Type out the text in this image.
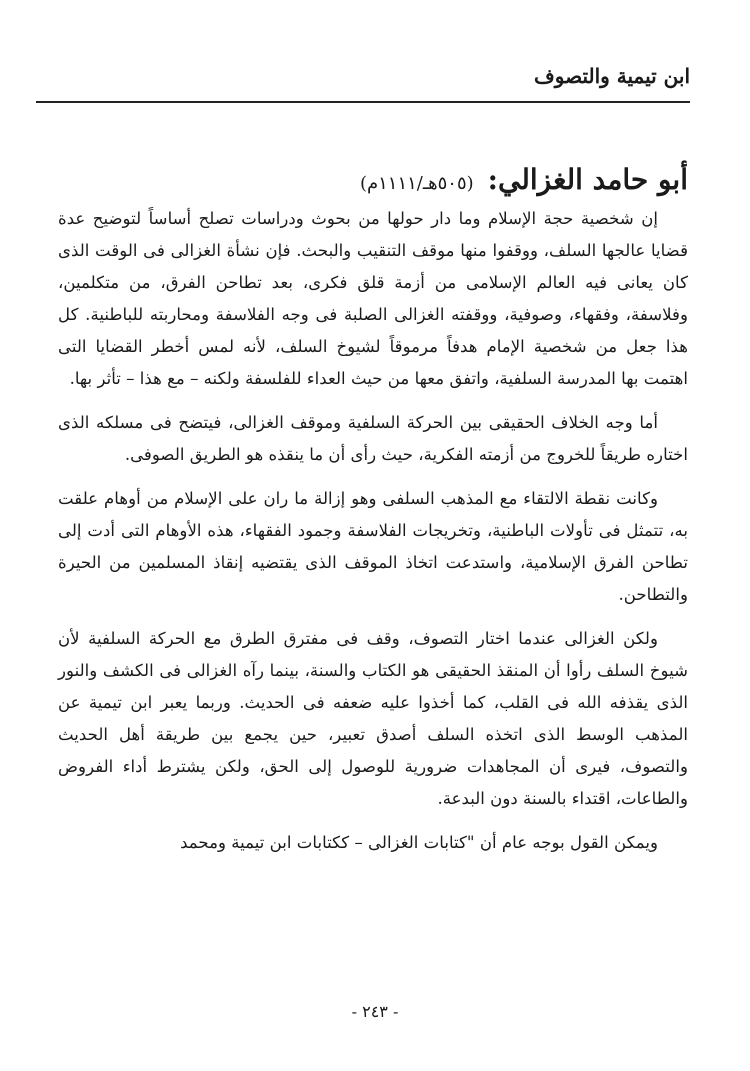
ابن تيمية والتصوف
أبو حامد الغزالي:
(٥٠٥هـ/١١١١م)

إن شخصية حجة الإسلام وما دار حولها من بحوث ودراسات تصلح أساساً لتوضيح عدة قضايا عالجها السلف، ووقفوا منها موقف التنقيب والبحث. فإن نشأة الغزالى فى الوقت الذى كان يعانى فيه العالم الإسلامى من أزمة قلق فكرى، بعد تطاحن الفرق، من متكلمين، وفلاسفة، وفقهاء، وصوفية، ووقفته الغزالى الصلبة فى وجه الفلاسفة ومحاربته للباطنية. كل هذا جعل من شخصية الإمام هدفاً مرموقاً لشيوخ السلف، لأنه لمس أخطر القضايا التى اهتمت بها المدرسة السلفية، واتفق معها من حيث العداء للفلسفة ولكنه – مع هذا – تأثر بها.

أما وجه الخلاف الحقيقى بين الحركة السلفية وموقف الغزالى، فيتضح فى مسلكه الذى اختاره طريقاً للخروج من أزمته الفكرية، حيث رأى أن ما ينقذه هو الطريق الصوفى.

وكانت نقطة الالتقاء مع المذهب السلفى وهو إزالة ما ران على الإسلام من أوهام علقت به، تتمثل فى تأولات الباطنية، وتخريجات الفلاسفة وجمود الفقهاء، هذه الأوهام التى أدت إلى تطاحن الفرق الإسلامية، واستدعت اتخاذ الموقف الذى يقتضيه إنقاذ المسلمين من الحيرة والتطاحن.

ولكن الغزالى عندما اختار التصوف، وقف فى مفترق الطرق مع الحركة السلفية لأن شيوخ السلف رأوا أن المنقذ الحقيقى هو الكتاب والسنة، بينما رآه الغزالى فى الكشف والنور الذى يقذفه الله فى القلب، كما أخذوا عليه ضعفه فى الحديث. وربما يعبر ابن تيمية عن المذهب الوسط الذى اتخذه السلف أصدق تعبير، حين يجمع بين طريقة أهل الحديث والتصوف، فيرى أن المجاهدات ضرورية للوصول إلى الحق، ولكن يشترط أداء الفروض والطاعات، اقتداء بالسنة دون البدعة.

ويمكن القول بوجه عام أن "كتابات الغزالى – ككتابات ابن تيمية ومحمد

- ٢٤٣ -
